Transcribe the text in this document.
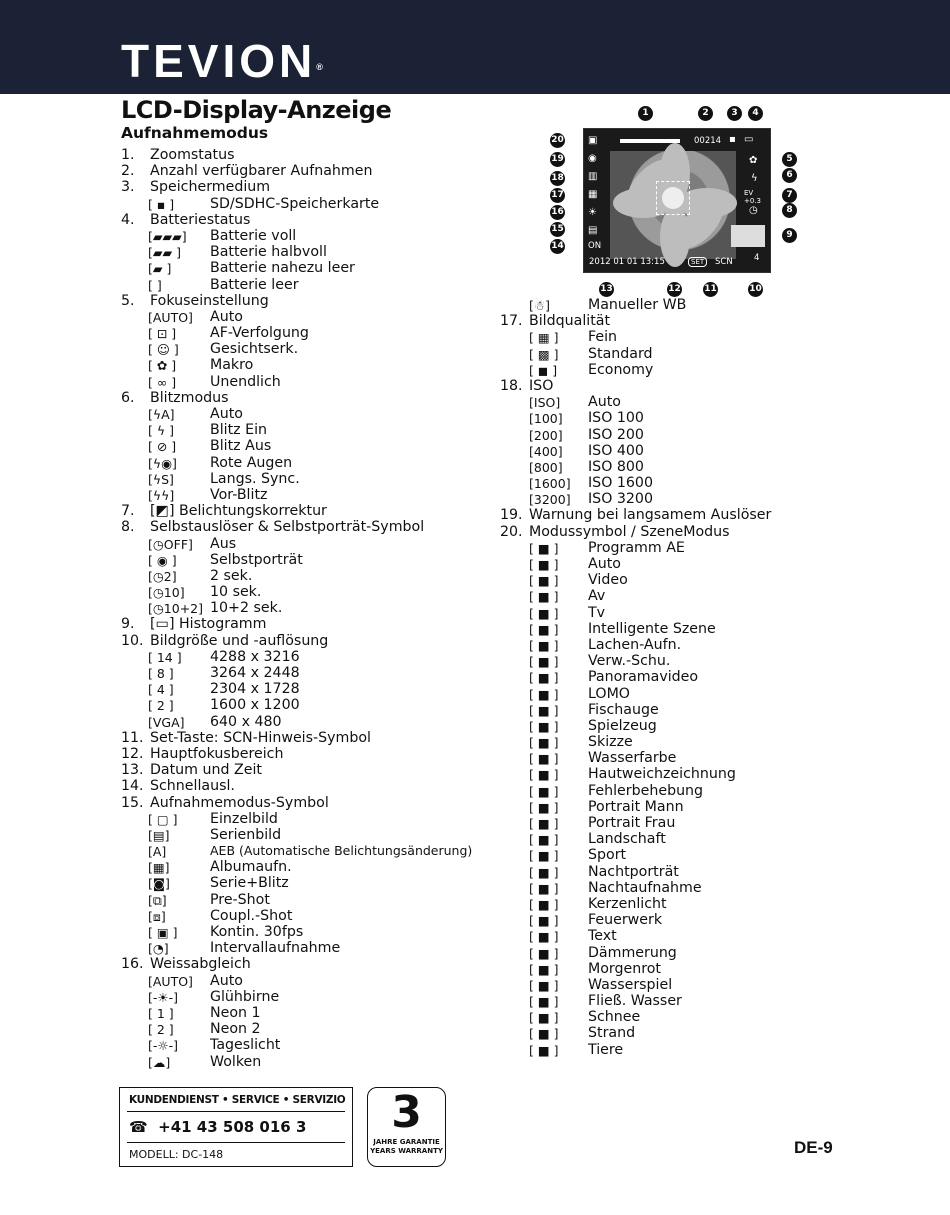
TEVION®
LCD-Display-Anzeige
Aufnahmemodus
1. Zoomstatus
2. Anzahl verfügbarer Aufnahmen
3. Speichermedium
[ ▪ ]	SD/SDHC-Speicherkarte
4. Batteriestatus
[▰▰▰] Batterie voll
[▰▰ ] Batterie halbvoll
[▰ ]	Batterie nahezu leer
[ ]	Batterie leer
5. Fokuseinstellung
[AUTO] Auto
[ ⊡ ] AF-Verfolgung
[ ☺ ] Gesichtserk.
[ ✿ ] Makro
[ ∞ ] Unendlich
6. Blitzmodus
[ϟA] Auto
[ ϟ ]	Blitz Ein
[ ⊘ ] Blitz Aus
[ϟ◉] Rote Augen
[ϟS]	Langs. Sync.
[ϟϟ]	Vor-Blitz
7. [◩] Belichtungskorrektur
8. Selbstauslöser & Selbstporträt-Symbol
[◷OFF] Aus
[ ◉ ] Selbstporträt
[◷2] 2 sek.
[◷10] 10 sek.
[◷10+2] 10+2 sek.
9. [▭] Histogramm
10. Bildgröße und -auflösung
[ 14 ] 4288 x 3216
[ 8 ]	3264 x 2448
[ 4 ]	2304 x 1728
[ 2 ]	1600 x 1200
[VGA] 640 x 480
11. Set-Taste: SCN-Hinweis-Symbol
12. Hauptfokusbereich
13. Datum und Zeit
14. Schnellausl.
15. Aufnahmemodus-Symbol
[ ▢ ] Einzelbild
[▤]	Serienbild
[A]	AEB (Automatische Belichtungsänderung)
[▦]	Albumaufn.
[◙]	Serie+Blitz
[⧉]	Pre-Shot
[⧈]	Coupl.-Shot
[ ▣ ] Kontin. 30fps
[◔]	Intervallaufnahme
16. Weissabgleich
[AUTO] Auto
[-☀-] Glühbirne
[ 1 ]	Neon 1
[ 2 ]	Neon 2
[-☼-] Tageslicht
[☁]	Wolken
[☃]	Manueller WB
17. Bildqualität
[ ▦ ] Fein
[ ▩ ] Standard
[ ◼ ] Economy
18. ISO
[ISO] Auto
[100] ISO 100
[200] ISO 200
[400] ISO 400
[800] ISO 800
[1600] ISO 1600
[3200] ISO 3200
19. Warnung bei langsamem Auslöser
20. Modussymbol / SzeneModus
[ ■ ] Programm AE
[ ■ ] Auto
[ ■ ] Video
[ ■ ] Av
[ ■ ] Tv
[ ■ ] Intelligente Szene
[ ■ ] Lachen-Aufn.
[ ■ ] Verw.-Schu.
[ ■ ] Panoramavideo
[ ■ ] LOMO
[ ■ ] Fischauge
[ ■ ] Spielzeug
[ ■ ] Skizze
[ ■ ] Wasserfarbe
[ ■ ] Hautweichzeichnung
[ ■ ] Fehlerbehebung
[ ■ ] Portrait Mann
[ ■ ] Portrait Frau
[ ■ ] Landschaft
[ ■ ] Sport
[ ■ ] Nachtporträt
[ ■ ] Nachtaufnahme
[ ■ ] Kerzenlicht
[ ■ ] Feuerwerk
[ ■ ] Text
[ ■ ] Dämmerung
[ ■ ] Morgenrot
[ ■ ] Wasserspiel
[ ■ ] Fließ. Wasser
[ ■ ] Schnee
[ ■ ] Strand
[ ■ ] Tiere
▣	00214 ▪ ▭
◉
▥
▦
☀
▤
ON
✿
ϟ
EV +0.3
◷
2012 01 01 13:15	SET	SCN	4
1	2	3	4
5
6
7
8
9
10
11
12
13
14
15
16
17
18
19
20
KUNDENDIENST • SERVICE • SERVIZIO
☎ +41 43 508 016 3
MODELL: DC-148
3
JAHRE GARANTIE
YEARS WARRANTY	DE-9
